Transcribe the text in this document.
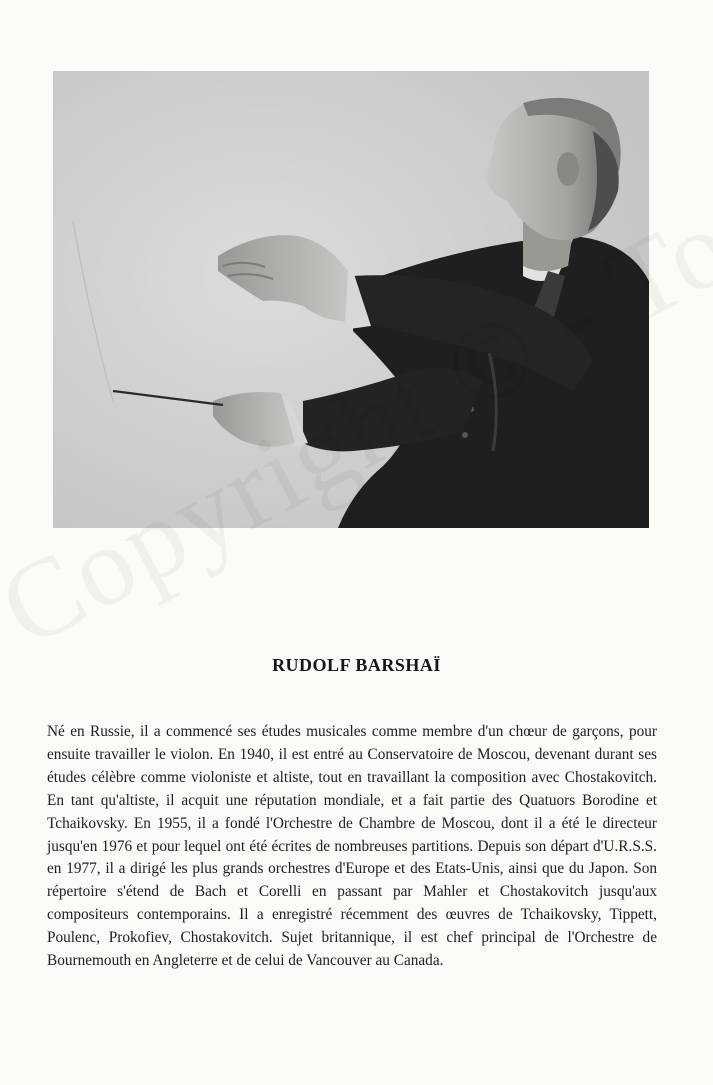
RUDOLF BARSHAÏ

Né en Russie, il a commencé ses études musicales comme membre d'un chœur de garçons, pour ensuite travailler le violon. En 1940, il est entré au Conservatoire de Moscou, devenant durant ses études célèbre comme violoniste et altiste, tout en travaillant la composition avec Chostakovitch. En tant qu'altiste, il acquit une réputation mondiale, et a fait partie des Quatuors Borodine et Tchaikovsky. En 1955, il a fondé l'Orchestre de Chambre de Moscou, dont il a été le directeur jusqu'en 1976 et pour lequel ont été écrites de nombreuses partitions. Depuis son départ d'U.R.S.S. en 1977, il a dirigé les plus grands orchestres d'Europe et des Etats-Unis, ainsi que du Japon. Son répertoire s'étend de Bach et Corelli en passant par Mahler et Chostakovitch jusqu'aux compositeurs contemporains. Il a enregistré récemment des œuvres de Tchaikovsky, Tippett, Poulenc, Prokofiev, Chostakovitch. Sujet britannique, il est chef principal de l'Orchestre de Bournemouth en Angleterre et de celui de Vancouver au Canada.
